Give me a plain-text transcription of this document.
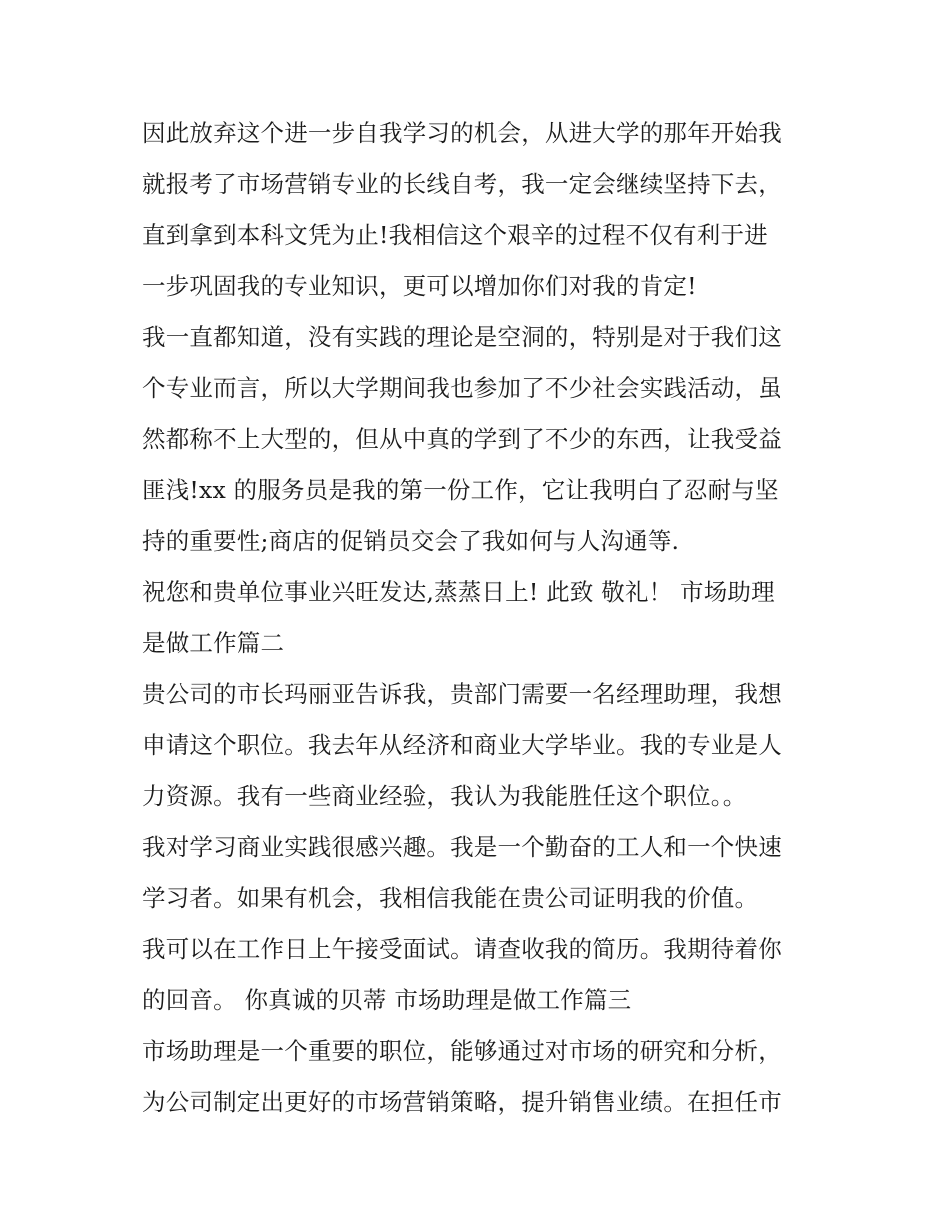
因此放弃这个进一步自我学习的机会，从进大学的那年开始我
就报考了市场营销专业的长线自考，我一定会继续坚持下去，
直到拿到本科文凭为止!我相信这个艰辛的过程不仅有利于进
一步巩固我的专业知识，更可以增加你们对我的肯定!
我一直都知道，没有实践的理论是空洞的，特别是对于我们这
个专业而言，所以大学期间我也参加了不少社会实践活动，虽
然都称不上大型的，但从中真的学到了不少的东西，让我受益
匪浅!xx 的服务员是我的第一份工作，它让我明白了忍耐与坚
持的重要性;商店的促销员交会了我如何与人沟通等.
祝您和贵单位事业兴旺发达,蒸蒸日上! 此致 敬礼！ 市场助理
是做工作篇二
贵公司的市长玛丽亚告诉我，贵部门需要一名经理助理，我想
申请这个职位。我去年从经济和商业大学毕业。我的专业是人
力资源。我有一些商业经验，我认为我能胜任这个职位。。
我对学习商业实践很感兴趣。我是一个勤奋的工人和一个快速
学习者。如果有机会，我相信我能在贵公司证明我的价值。
我可以在工作日上午接受面试。请查收我的简历。我期待着你
的回音。 你真诚的贝蒂 市场助理是做工作篇三
市场助理是一个重要的职位，能够通过对市场的研究和分析，
为公司制定出更好的市场营销策略，提升销售业绩。在担任市
